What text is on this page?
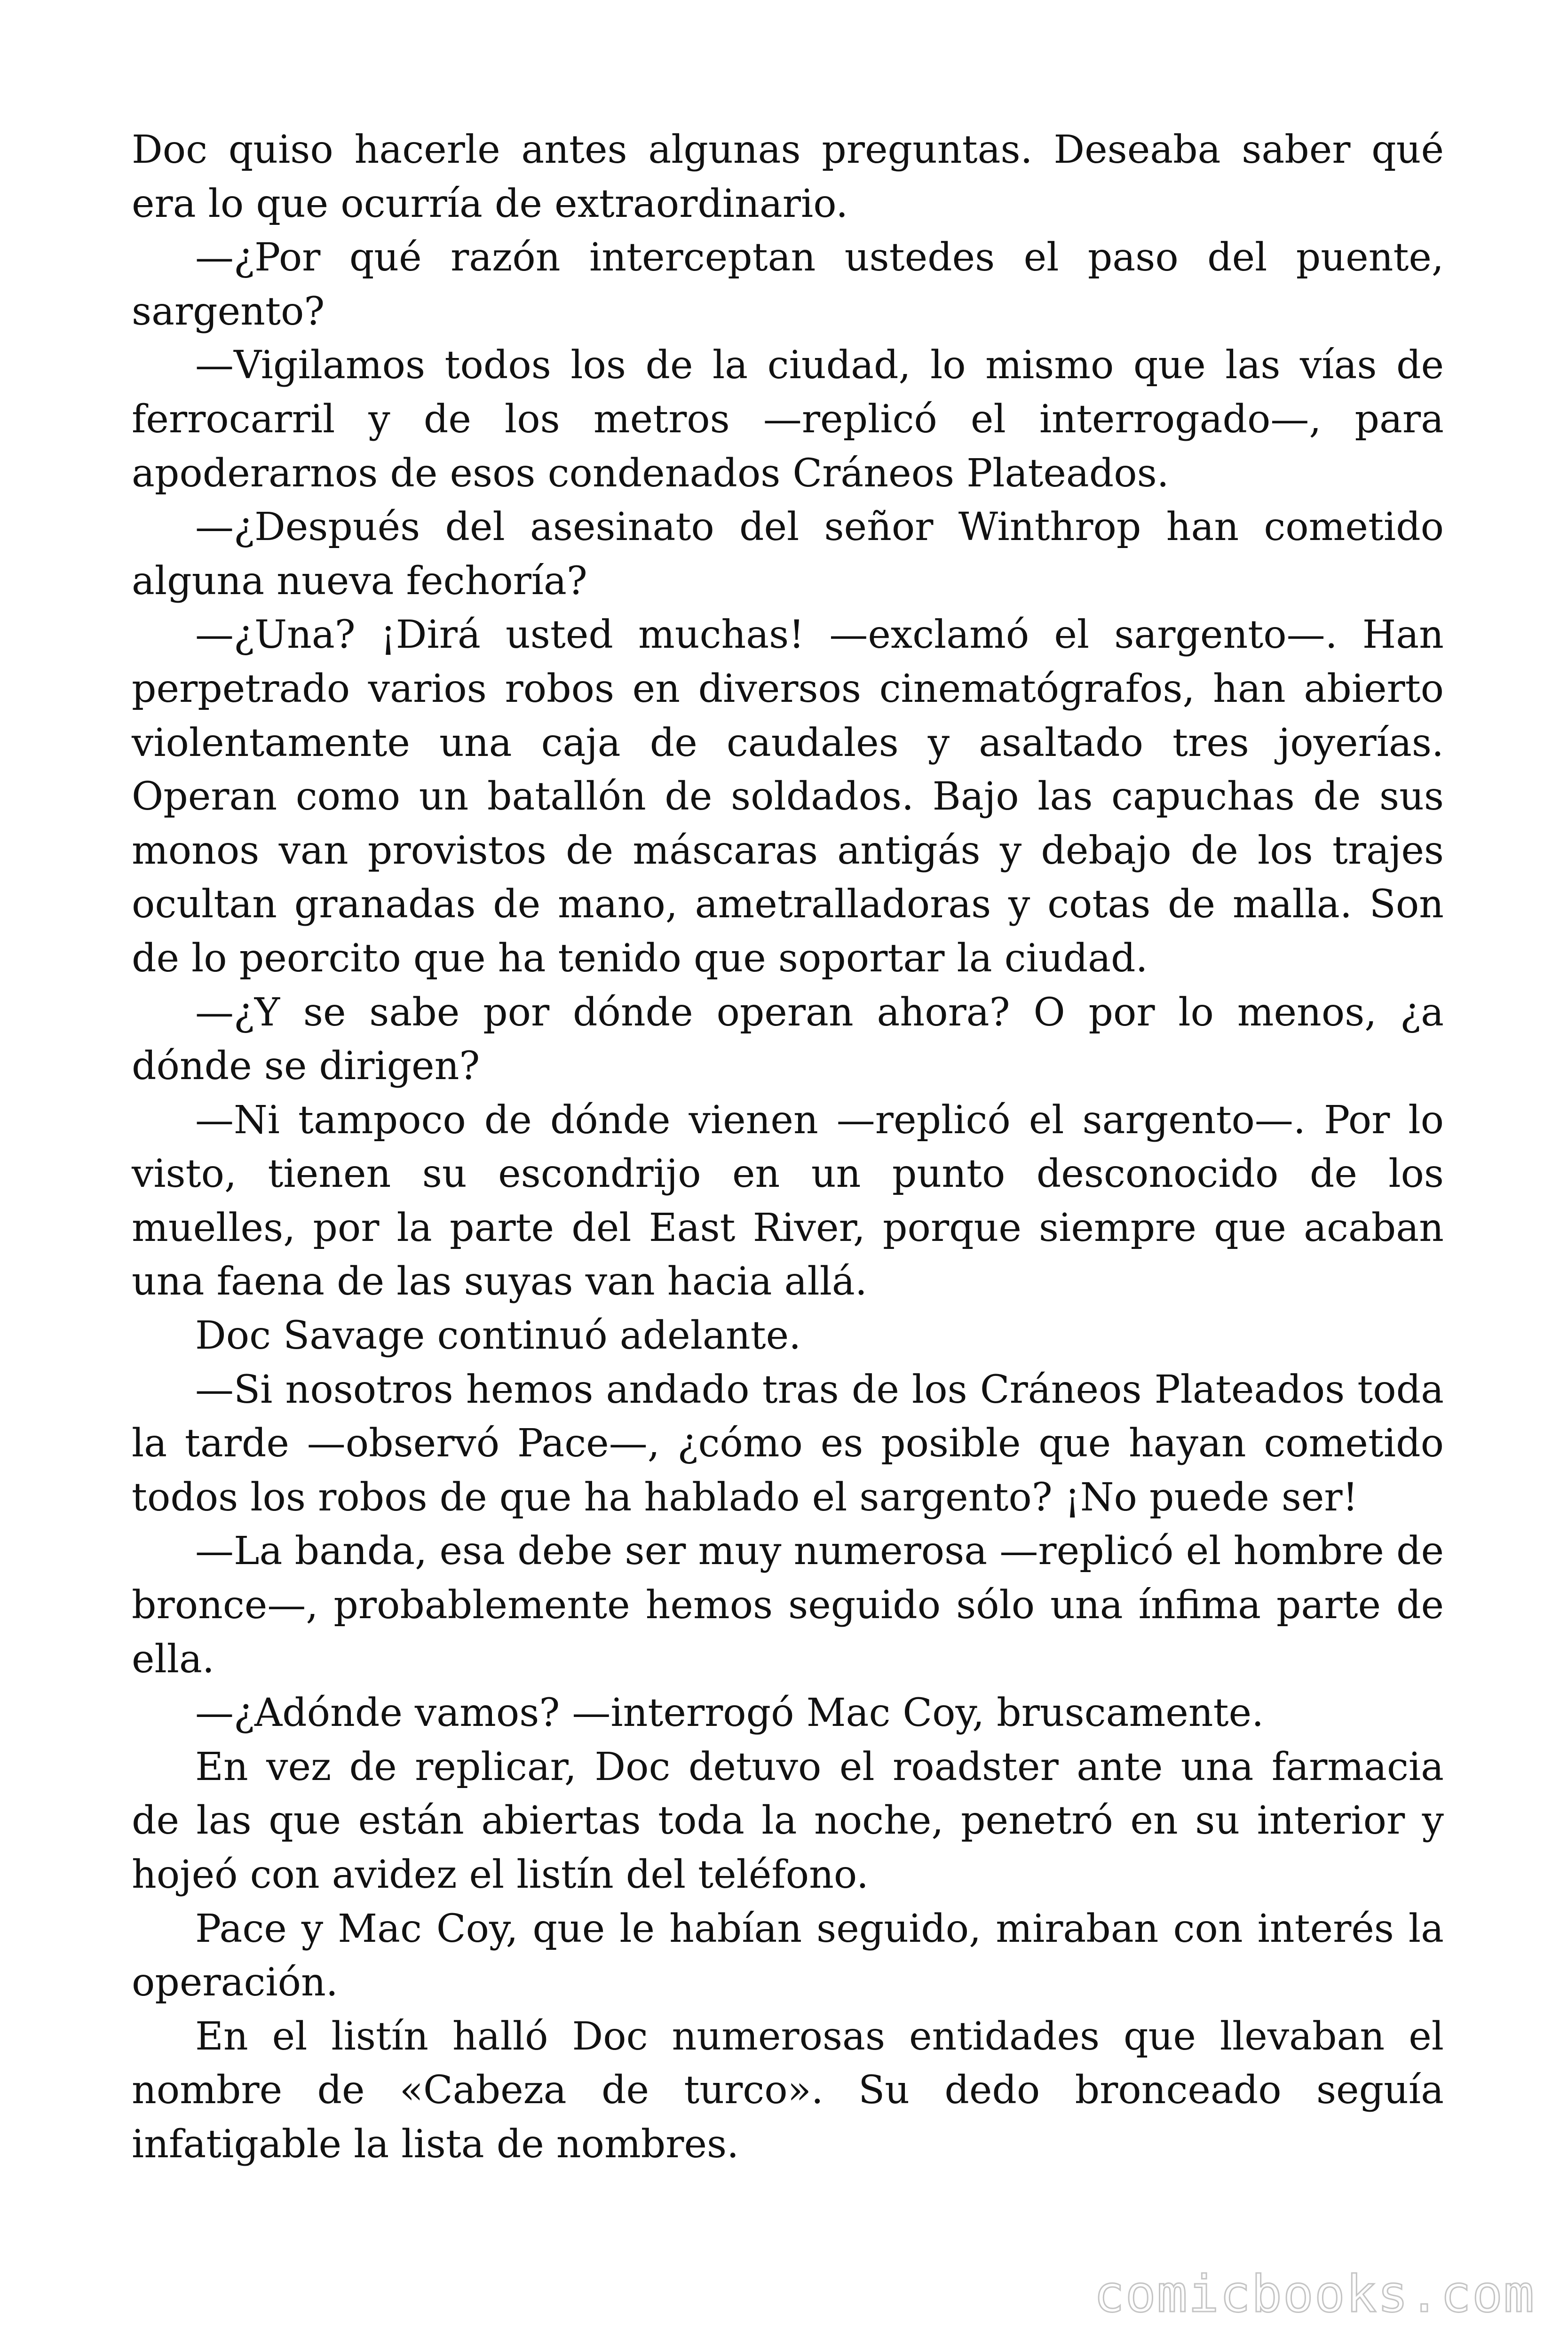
Doc quiso hacerle antes algunas preguntas. Deseaba saber qué era lo que ocurría de extraordinario.

—¿Por qué razón interceptan ustedes el paso del puente, sargento?

—Vigilamos todos los de la ciudad, lo mismo que las vías de ferrocarril y de los metros —replicó el interrogado—, para apoderarnos de esos condenados Cráneos Plateados.

—¿Después del asesinato del señor Winthrop han cometido alguna nueva fechoría?

—¿Una? ¡Dirá usted muchas! —exclamó el sargento—. Han perpetrado varios robos en diversos cinematógrafos, han abierto violentamente una caja de caudales y asaltado tres joyerías. Operan como un batallón de soldados. Bajo las capuchas de sus monos van provistos de máscaras antigás y debajo de los trajes ocultan granadas de mano, ametralladoras y cotas de malla. Son de lo peorcito que ha tenido que soportar la ciudad.

—¿Y se sabe por dónde operan ahora? O por lo menos, ¿a dónde se dirigen?

—Ni tampoco de dónde vienen —replicó el sargento—. Por lo visto, tienen su escondrijo en un punto desconocido de los muelles, por la parte del East River, porque siempre que acaban una faena de las suyas van hacia allá.

Doc Savage continuó adelante.

—Si nosotros hemos andado tras de los Cráneos Plateados toda la tarde —observó Pace—, ¿cómo es posible que hayan cometido todos los robos de que ha hablado el sargento? ¡No puede ser!

—La banda, esa debe ser muy numerosa —replicó el hombre de bronce—, probablemente hemos seguido sólo una ínfima parte de ella.

—¿Adónde vamos? —interrogó Mac Coy, bruscamente.

En vez de replicar, Doc detuvo el roadster ante una farmacia de las que están abiertas toda la noche, penetró en su interior y hojeó con avidez el listín del teléfono.

Pace y Mac Coy, que le habían seguido, miraban con interés la operación.

En el listín halló Doc numerosas entidades que llevaban el nombre de «Cabeza de turco». Su dedo bronceado seguía infatigable la lista de nombres.

comicbooks.com
